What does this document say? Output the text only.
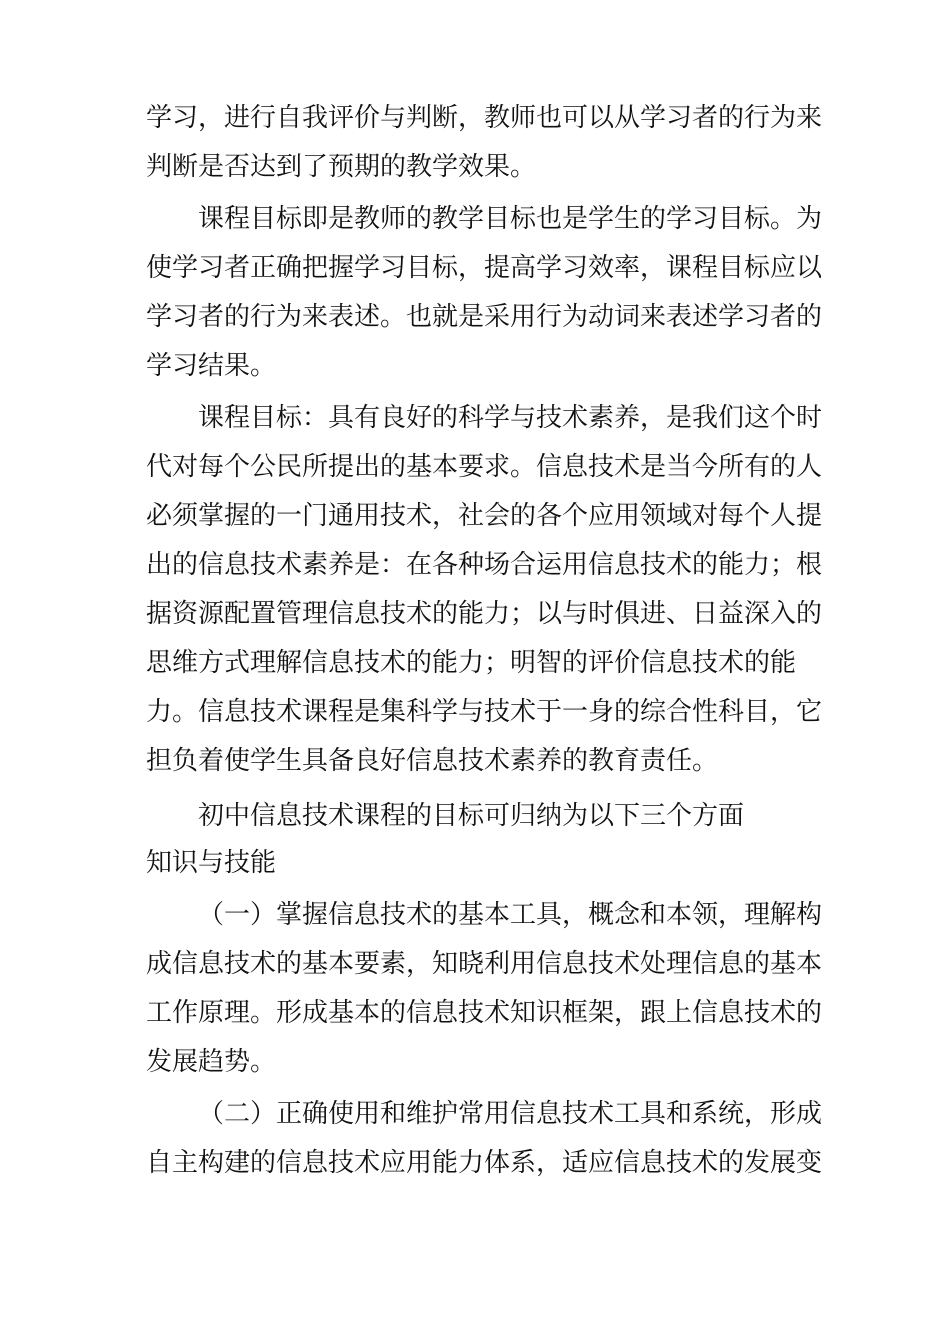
学习，进行自我评价与判断，教师也可以从学习者的行为来
判断是否达到了预期的教学效果。
课程目标即是教师的教学目标也是学生的学习目标。为
使学习者正确把握学习目标，提高学习效率，课程目标应以
学习者的行为来表述。也就是采用行为动词来表述学习者的
学习结果。
课程目标：具有良好的科学与技术素养，是我们这个时
代对每个公民所提出的基本要求。信息技术是当今所有的人
必须掌握的一门通用技术，社会的各个应用领域对每个人提
出的信息技术素养是：在各种场合运用信息技术的能力；根
据资源配置管理信息技术的能力；以与时俱进、日益深入的
思维方式理解信息技术的能力；明智的评价信息技术的能
力。信息技术课程是集科学与技术于一身的综合性科目，它
担负着使学生具备良好信息技术素养的教育责任。
初中信息技术课程的目标可归纳为以下三个方面
知识与技能
（一）掌握信息技术的基本工具，概念和本领，理解构
成信息技术的基本要素，知晓利用信息技术处理信息的基本
工作原理。形成基本的信息技术知识框架，跟上信息技术的
发展趋势。
（二）正确使用和维护常用信息技术工具和系统，形成
自主构建的信息技术应用能力体系，适应信息技术的发展变
